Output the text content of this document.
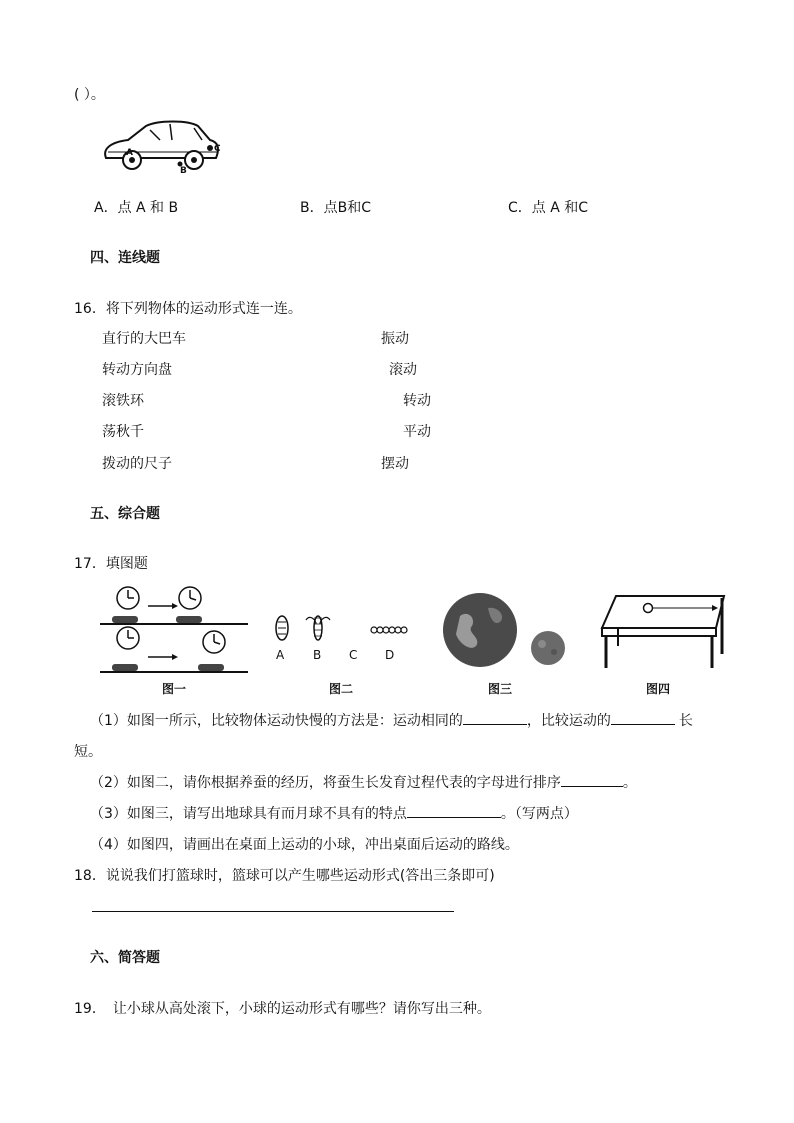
( ）。
A
B
C
A．点 A 和 B	B．点B和C	C．点 A 和C
四、连线题
16．将下列物体的运动形式连一连。
直行的大巴车
转动方向盘
滚铁环
荡秋千
拨动的尺子
振动
滚动
转动
平动
摆动
五、综合题
17．填图题
A B C D
图一	图二	图三	图四
（1）如图一所示，比较物体运动快慢的方法是：运动相同的	，比较运动的	长
短。
（2）如图二，请你根据养蚕的经历，将蚕生长发育过程代表的字母进行排序	。
（3）如图三，请写出地球具有而月球不具有的特点	。（写两点）
（4）如图四，请画出在桌面上运动的小球，冲出桌面后运动的路线。
18．说说我们打篮球时，篮球可以产生哪些运动形式(答出三条即可)
六、简答题
19．　让小球从高处滚下，小球的运动形式有哪些？请你写出三种。
